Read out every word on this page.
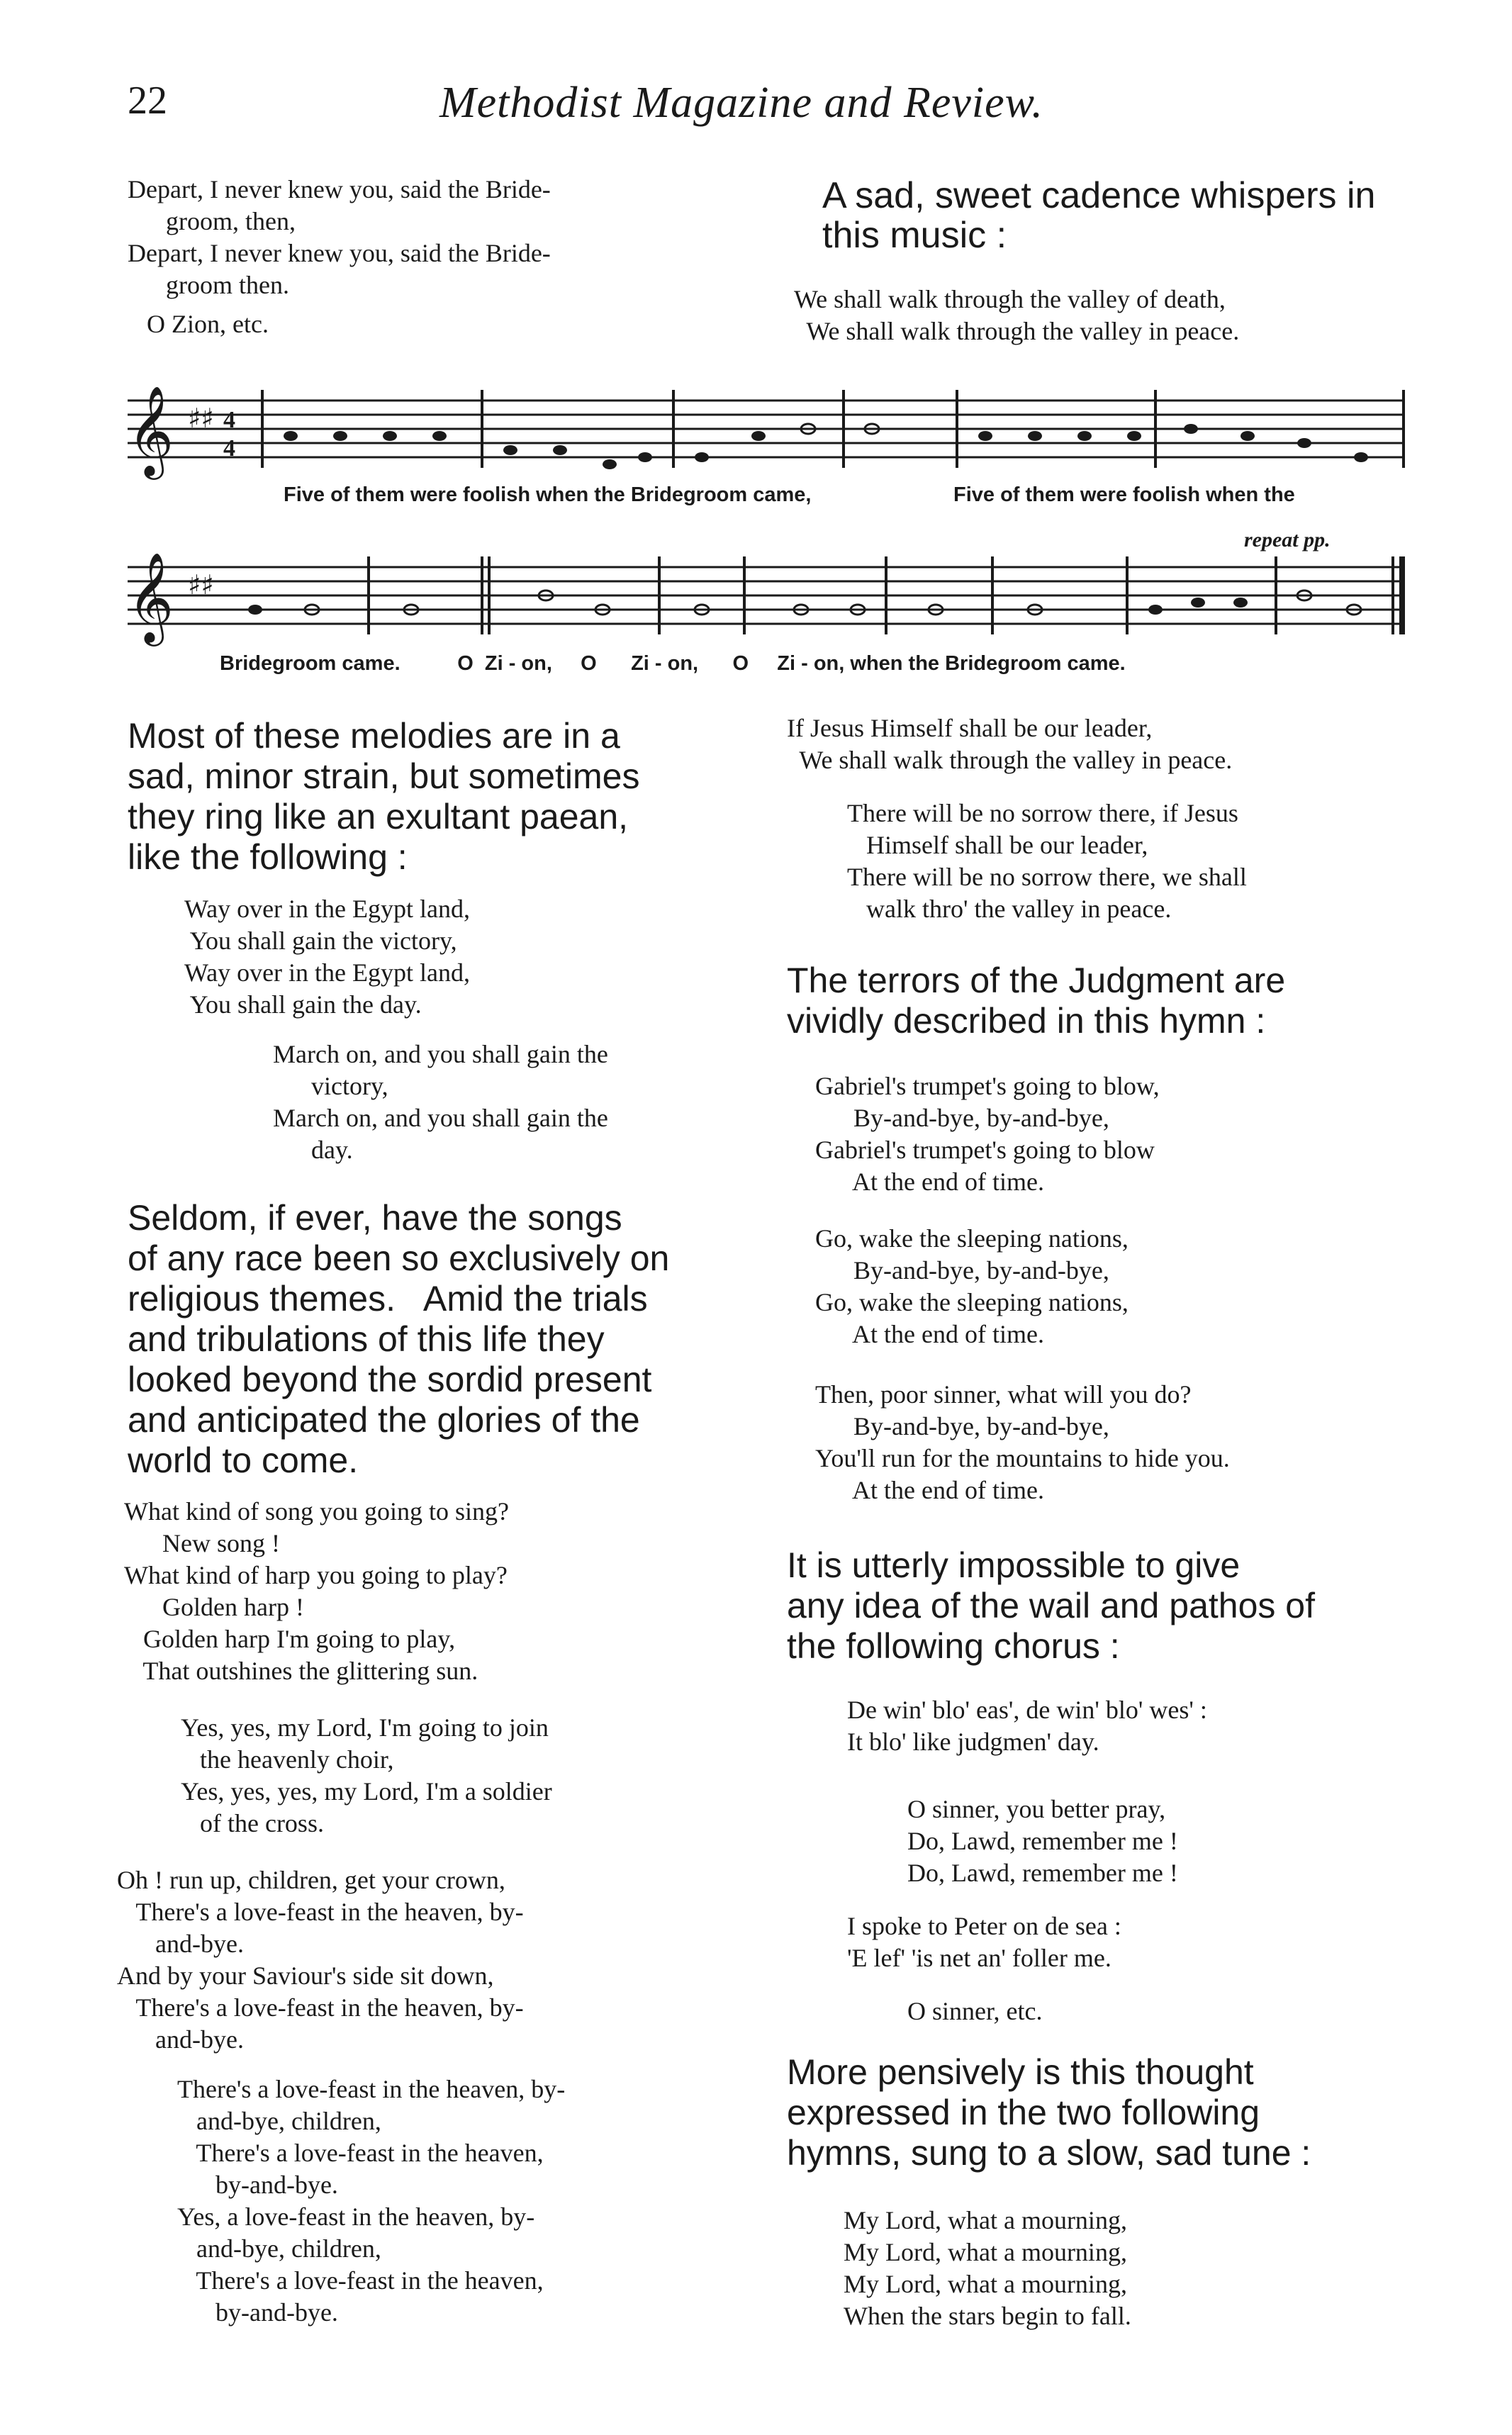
22	Methodist Magazine and Review.
Depart, I never knew you, said the Bride-
groom, then,
Depart, I never knew you, said the Bride-
groom then.
O Zion, etc.
A sad, sweet cadence whispers in
this music :
We shall walk through the valley of death,
We shall walk through the valley in peace.
𝄞 ♯♯ 4
4
Five of them were foolish when the Bridegroom came,	Five of them were foolish when the
repeat pp.
𝄞 ♯♯
Bridegroom came.          O  Zi - on,     O      Zi - on,      O     Zi - on, when the Bridegroom came.
Most of these melodies are in a
sad, minor strain, but sometimes
they ring like an exultant paean,
like the following :
Way over in the Egypt land,
You shall gain the victory,
Way over in the Egypt land,
You shall gain the day.
March on, and you shall gain the
victory,
March on, and you shall gain the
day.
Seldom, if ever, have the songs
of any race been so exclusively on
religious themes.   Amid the trials
and tribulations of this life they
looked beyond the sordid present
and anticipated the glories of the
world to come.
What kind of song you going to sing?
New song !
What kind of harp you going to play?
Golden harp !
Golden harp I'm going to play,
That outshines the glittering sun.
Yes, yes, my Lord, I'm going to join
the heavenly choir,
Yes, yes, yes, my Lord, I'm a soldier
of the cross.
Oh ! run up, children, get your crown,
There's a love-feast in the heaven, by-
and-bye.
And by your Saviour's side sit down,
There's a love-feast in the heaven, by-
and-bye.
There's a love-feast in the heaven, by-
and-bye, children,
There's a love-feast in the heaven,
by-and-bye.
Yes, a love-feast in the heaven, by-
and-bye, children,
There's a love-feast in the heaven,
by-and-bye.
If Jesus Himself shall be our leader,
We shall walk through the valley in peace.
There will be no sorrow there, if Jesus
Himself shall be our leader,
There will be no sorrow there, we shall
walk thro' the valley in peace.
The terrors of the Judgment are
vividly described in this hymn :
Gabriel's trumpet's going to blow,
By-and-bye, by-and-bye,
Gabriel's trumpet's going to blow
At the end of time.
Go, wake the sleeping nations,
By-and-bye, by-and-bye,
Go, wake the sleeping nations,
At the end of time.
Then, poor sinner, what will you do?
By-and-bye, by-and-bye,
You'll run for the mountains to hide you.
At the end of time.
It is utterly impossible to give
any idea of the wail and pathos of
the following chorus :
De win' blo' eas', de win' blo' wes' :
It blo' like judgmen' day.
O sinner, you better pray,
Do, Lawd, remember me !
Do, Lawd, remember me !
I spoke to Peter on de sea :
'E lef' 'is net an' foller me.
O sinner, etc.
More pensively is this thought
expressed in the two following
hymns, sung to a slow, sad tune :
My Lord, what a mourning,
My Lord, what a mourning,
My Lord, what a mourning,
When the stars begin to fall.
